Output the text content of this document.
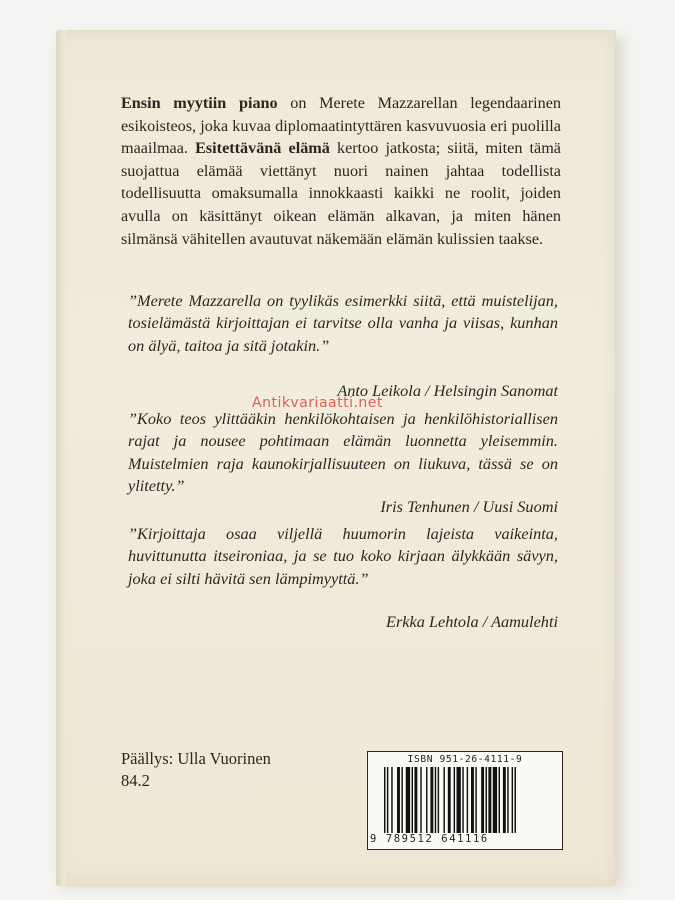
Ensin myytiin piano on Merete Mazzarellan legendaarinen esikoisteos, joka kuvaa diplomaatintyttären kasvuvuosia eri puolilla maailmaa. Esitettävänä elämä kertoo jatkosta; siitä, miten tämä suojattua elämää viettänyt nuori nainen jahtaa todellista todellisuutta omaksumalla innokkaasti kaikki ne roolit, joiden avulla on käsittänyt oikean elämän alkavan, ja miten hänen silmänsä vähitellen avautuvat näkemään elämän kulissien taakse.
”Merete Mazzarella on tyylikäs esimerkki siitä, että muistelijan, tosielämästä kirjoittajan ei tarvitse olla vanha ja viisas, kunhan on älyä, taitoa ja sitä jotakin.”
Anto Leikola / Helsingin Sanomat
Antikvariaatti.net
”Koko teos ylittääkin henkilökohtaisen ja henkilöhistoriallisen rajat ja nousee pohtimaan elämän luonnetta yleisemmin. Muistelmien raja kaunokirjallisuuteen on liukuva, tässä se on ylitetty.”
Iris Tenhunen / Uusi Suomi
”Kirjoittaja osaa viljellä huumorin lajeista vaikeinta, huvittunutta itseironiaa, ja se tuo koko kirjaan älykkään sävyn, joka ei silti hävitä sen lämpimyyttä.”
Erkka Lehtola / Aamulehti
Päällys: Ulla Vuorinen
84.2
ISBN 951-26-4111-9
9 789512 641116
